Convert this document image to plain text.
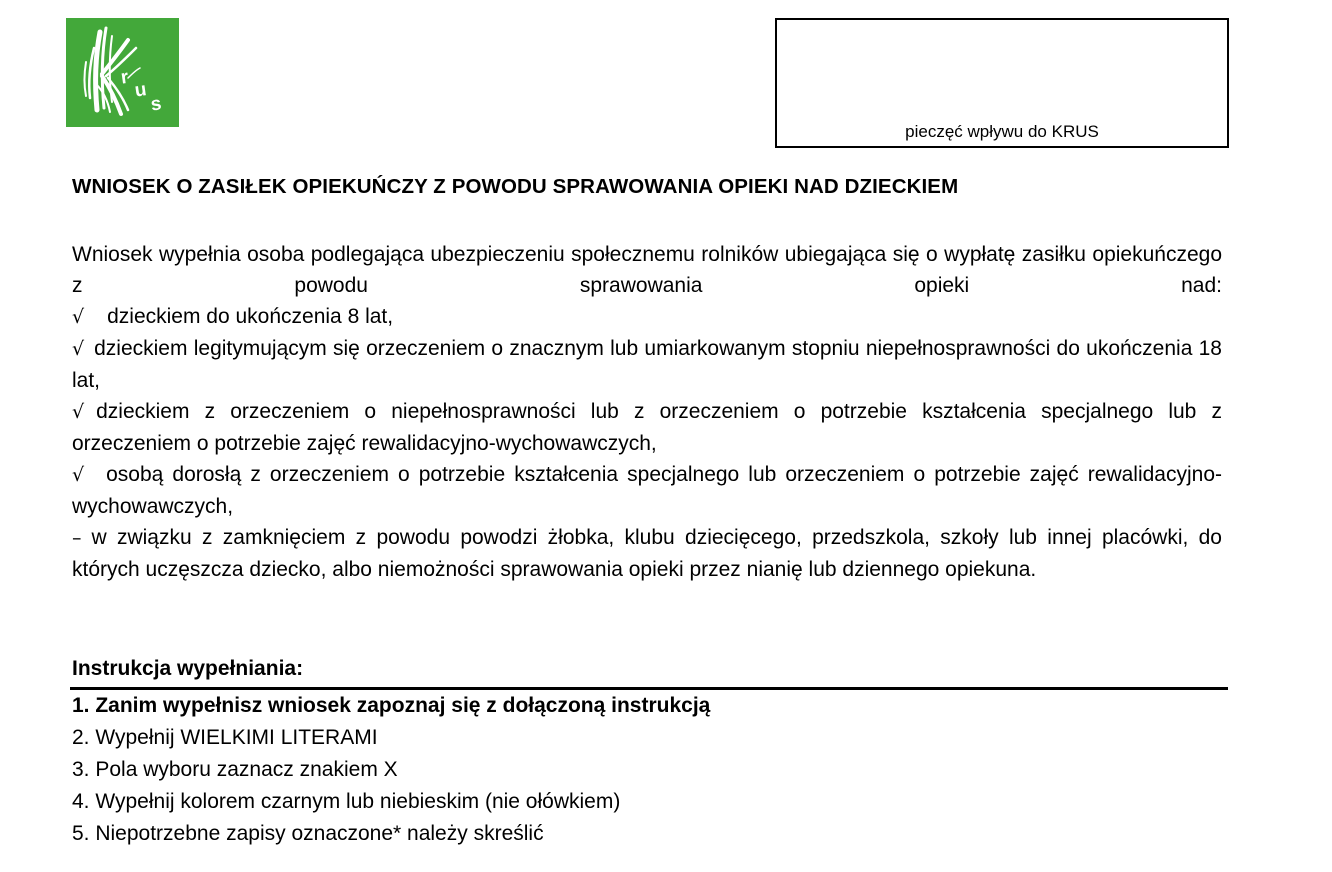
r
u
s
pieczęć wpływu do KRUS
WNIOSEK O ZASIŁEK OPIEKUŃCZY Z POWODU SPRAWOWANIA OPIEKI NAD DZIECKIEM

Wniosek wypełnia osoba podlegająca ubezpieczeniu społecznemu rolników ubiegająca się o wypłatę zasiłku opiekuńczego z powodu sprawowania opieki nad:

√ dzieckiem do ukończenia 8 lat,

√ dzieckiem legitymującym się orzeczeniem o znacznym lub umiarkowanym stopniu niepełnosprawności do ukończenia 18 lat,

√ dzieckiem z orzeczeniem o niepełnosprawności lub z orzeczeniem o potrzebie kształcenia specjalnego lub z orzeczeniem o potrzebie zajęć rewalidacyjno-wychowawczych,

√ osobą dorosłą z orzeczeniem o potrzebie kształcenia specjalnego lub orzeczeniem o potrzebie zajęć rewalidacyjno-wychowawczych,

– w związku z zamknięciem z powodu powodzi żłobka, klubu dziecięcego, przedszkola, szkoły lub innej placówki, do których uczęszcza dziecko, albo niemożności sprawowania opieki przez nianię lub dziennego opiekuna.

Instrukcja wypełniania:
1. Zanim wypełnisz wniosek zapoznaj się z dołączoną instrukcją
2. Wypełnij WIELKIMI LITERAMI
3. Pola wyboru zaznacz znakiem X
4. Wypełnij kolorem czarnym lub niebieskim (nie ołówkiem)
5. Niepotrzebne zapisy oznaczone* należy skreślić
